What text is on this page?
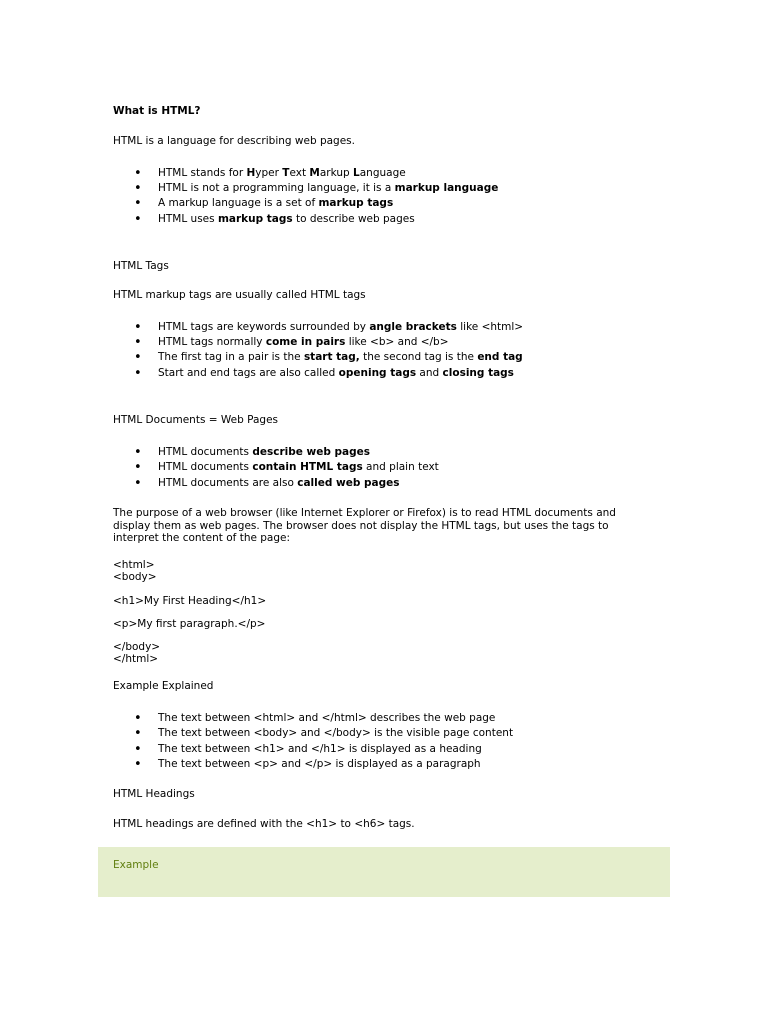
What is HTML?

HTML is a language for describing web pages.

• HTML stands for Hyper Text Markup Language

• HTML is not a programming language, it is a markup language

• A markup language is a set of markup tags

• HTML uses markup tags to describe web pages

HTML Tags

HTML markup tags are usually called HTML tags

• HTML tags are keywords surrounded by angle brackets like <html>

• HTML tags normally come in pairs like <b> and </b>

• The first tag in a pair is the start tag, the second tag is the end tag

• Start and end tags are also called opening tags and closing tags

HTML Documents = Web Pages

• HTML documents describe web pages

• HTML documents contain HTML tags and plain text

• HTML documents are also called web pages

The purpose of a web browser (like Internet Explorer or Firefox) is to read HTML documents and display them as web pages. The browser does not display the HTML tags, but uses the tags to interpret the content of the page:

<html>

<body>

<h1>My First Heading</h1>

<p>My first paragraph.</p>

</body>

</html>

Example Explained

• The text between <html> and </html> describes the web page

• The text between <body> and </body> is the visible page content

• The text between <h1> and </h1> is displayed as a heading

• The text between <p> and </p> is displayed as a paragraph

HTML Headings

HTML headings are defined with the <h1> to <h6> tags.

Example
